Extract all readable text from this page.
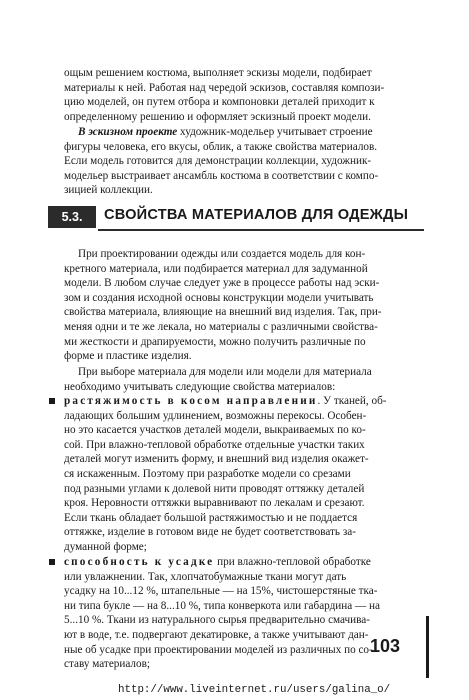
ощым решением костюма, выполняет эскизы модели, подбирает
материалы к ней. Работая над чередой эскизов, составляя компози-
цию моделей, он путем отбора и компоновки деталей приходит к
определенному решению и оформляет эскизный проект модели.
В эскизном проекте художник-модельер учитывает строение
фигуры человека, его вкусы, облик, а также свойства материалов.
Если модель готовится для демонстрации коллекции, художник-
модельер выстраивает ансамбль костюма в соответствии с компо-
зицией коллекции.
5.3.	СВОЙСТВА МАТЕРИАЛОВ ДЛЯ ОДЕЖДЫ
При проектировании одежды или создается модель для кон-
кретного материала, или подбирается материал для задуманной
модели. В любом случае следует уже в процессе работы над эски-
зом и создания исходной основы конструкции модели учитывать
свойства материала, влияющие на внешний вид изделия. Так, при-
меняя одни и те же лекала, но материалы с различными свойства-
ми жесткости и драпируемости, можно получить различные по
форме и пластике изделия.
При выборе материала для модели или модели для материала
необходимо учитывать следующие свойства материалов:
растяжимость в косом направлении. У тканей, об-
ладающих большим удлинением, возможны перекосы. Особен-
но это касается участков деталей модели, выкраиваемых по ко-
сой. При влажно-тепловой обработке отдельные участки таких
деталей могут изменить форму, и внешний вид изделия окажет-
ся искаженным. Поэтому при разработке модели со срезами
под разными углами к долевой нити проводят оттяжку деталей
кроя. Неровности оттяжки выравнивают по лекалам и срезают.
Если ткань обладает большой растяжимостью и не поддается
оттяжке, изделие в готовом виде не будет соответствовать за-
думанной форме;
способность к усадке при влажно-тепловой обработке
или увлажнении. Так, хлопчатобумажные ткани могут дать
усадку на 10...12 %, штапельные — на 15%, чистошерстяные тка-
ни типа букле — на 8...10 %, типа конверкота или габардина — на
5...10 %. Ткани из натурального сырья предварительно смачива-
ют в воде, т.е. подвергают декатировке, а также учитывают дан-
ные об усадке при проектировании моделей из различных по со-
ставу материалов;
103
http://www.liveinternet.ru/users/galina_o/
